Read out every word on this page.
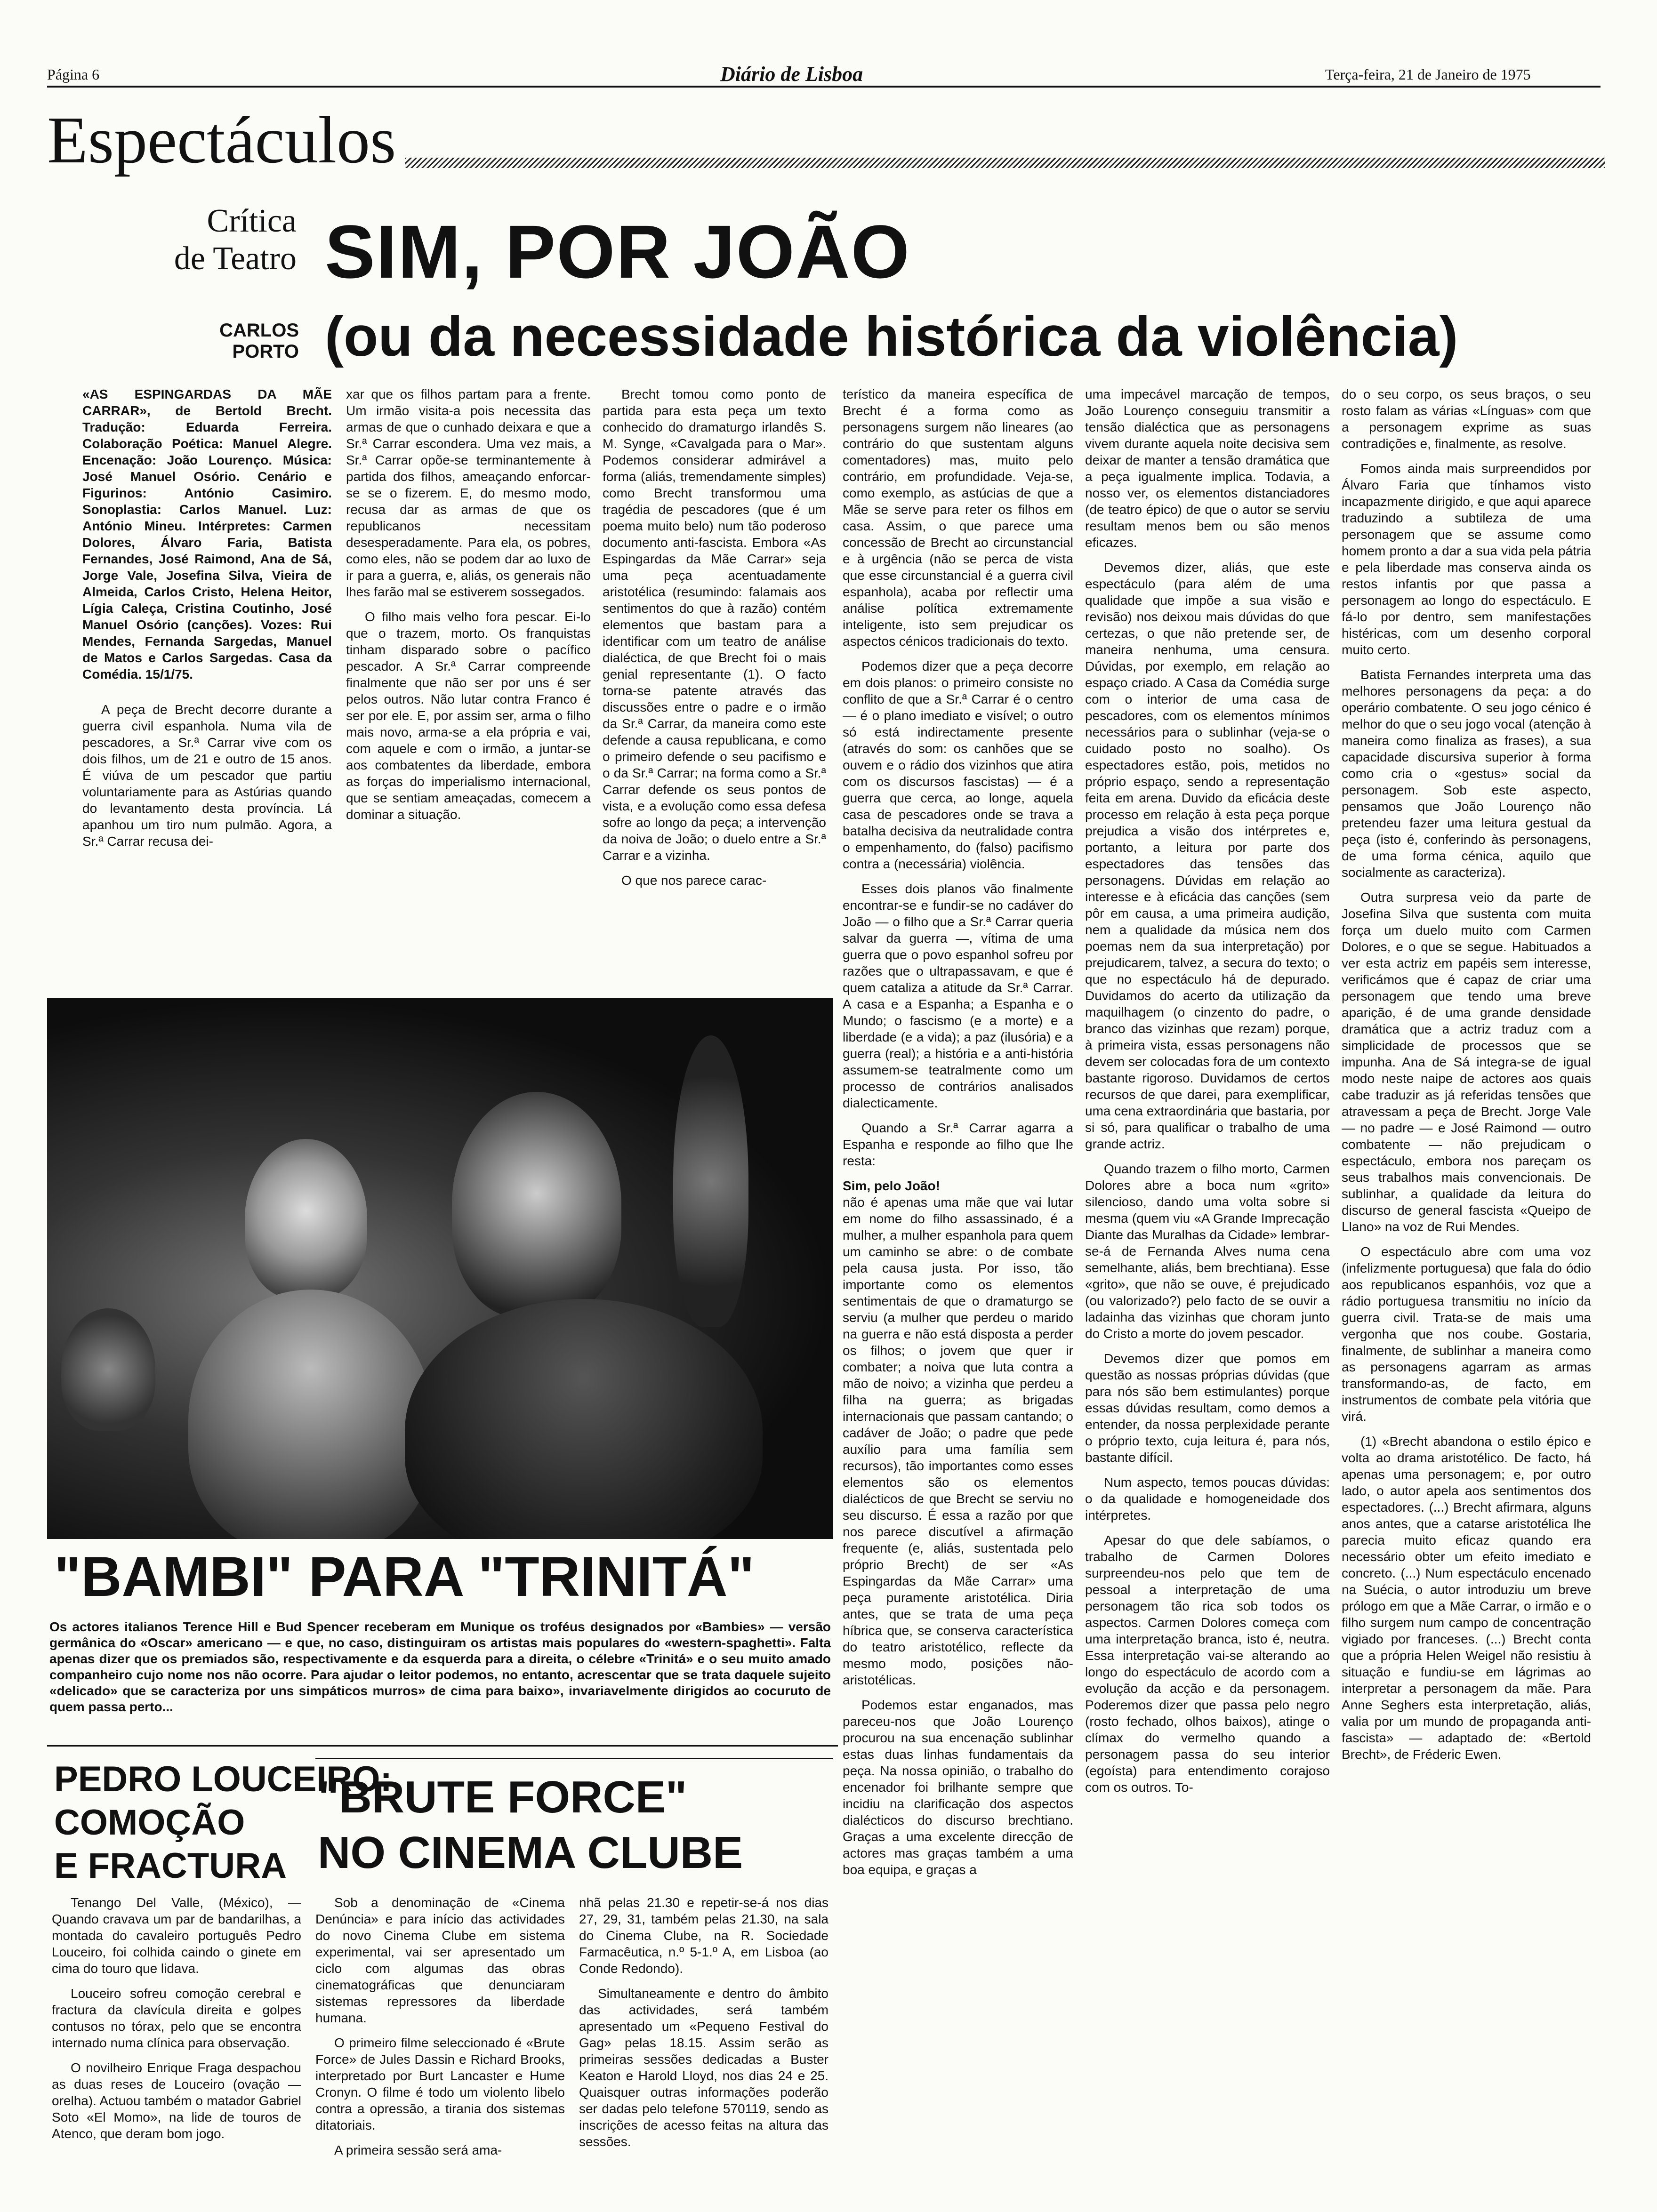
Página 6	Diário de Lisboa	Terça-feira, 21 de Janeiro de 1975
Espectáculos
Crítica
de Teatro
CARLOS PORTO
SIM, POR JOÃO
(ou da necessidade histórica da violência)

«AS ESPINGARDAS DA MÃE CARRAR», de Bertold Brecht. Tradução: Eduarda Ferreira. Colaboração Poética: Manuel Alegre. Encenação: João Lourenço. Música: José Manuel Osório. Cenário e Figurinos: António Casimiro. Sonoplastia: Carlos Manuel. Luz: António Mineu. Intérpretes: Carmen Dolores, Álvaro Faria, Batista Fernandes, José Raimond, Ana de Sá, Jorge Vale, Josefina Silva, Vieira de Almeida, Carlos Cristo, Helena Heitor, Lígia Caleça, Cristina Coutinho, José Manuel Osório (canções). Vozes: Rui Mendes, Fernanda Sargedas, Manuel de Matos e Carlos Sargedas. Casa da Comédia. 15/1/75.

A peça de Brecht decorre durante a guerra civil espanhola. Numa vila de pescadores, a Sr.ª Carrar vive com os dois filhos, um de 21 e outro de 15 anos. É viúva de um pescador que partiu voluntariamente para as Astúrias quando do levantamento desta província. Lá apanhou um tiro num pulmão. Agora, a Sr.ª Carrar recusa dei-

xar que os filhos partam para a frente. Um irmão visita-a pois necessita das armas de que o cunhado deixara e que a Sr.ª Carrar escondera. Uma vez mais, a Sr.ª Carrar opõe-se terminantemente à partida dos filhos, ameaçando enforcar-se se o fizerem. E, do mesmo modo, recusa dar as armas de que os republicanos necessitam desesperadamente. Para ela, os pobres, como eles, não se podem dar ao luxo de ir para a guerra, e, aliás, os generais não lhes farão mal se estiverem sossegados.

O filho mais velho fora pescar. Ei-lo que o trazem, morto. Os franquistas tinham disparado sobre o pacífico pescador. A Sr.ª Carrar compreende finalmente que não ser por uns é ser pelos outros. Não lutar contra Franco é ser por ele. E, por assim ser, arma o filho mais novo, arma-se a ela própria e vai, com aquele e com o irmão, a juntar-se aos combatentes da liberdade, embora as forças do imperialismo internacional, que se sentiam ameaçadas, comecem a dominar a situação.

Brecht tomou como ponto de partida para esta peça um texto conhecido do dramaturgo irlandês S. M. Synge, «Cavalgada para o Mar». Podemos considerar admirável a forma (aliás, tremendamente simples) como Brecht transformou uma tragédia de pescadores (que é um poema muito belo) num tão poderoso documento anti-fascista. Embora «As Espingardas da Mãe Carrar» seja uma peça acentuadamente aristotélica (resumindo: falamais aos sentimentos do que à razão) contém elementos que bastam para a identificar com um teatro de análise dialéctica, de que Brecht foi o mais genial representante (1). O facto torna-se patente através das discussões entre o padre e o irmão da Sr.ª Carrar, da maneira como este defende a causa republicana, e como o primeiro defende o seu pacifismo e o da Sr.ª Carrar; na forma como a Sr.ª Carrar defende os seus pontos de vista, e a evolução como essa defesa sofre ao longo da peça; a intervenção da noiva de João; o duelo entre a Sr.ª Carrar e a vizinha.

O que nos parece carac-

terístico da maneira específica de Brecht é a forma como as personagens surgem não lineares (ao contrário do que sustentam alguns comentadores) mas, muito pelo contrário, em profundidade. Veja-se, como exemplo, as astúcias de que a Mãe se serve para reter os filhos em casa. Assim, o que parece uma concessão de Brecht ao circunstancial e à urgência (não se perca de vista que esse circunstancial é a guerra civil espanhola), acaba por reflectir uma análise política extremamente inteligente, isto sem prejudicar os aspectos cénicos tradicionais do texto.

Podemos dizer que a peça decorre em dois planos: o primeiro consiste no conflito de que a Sr.ª Carrar é o centro — é o plano imediato e visível; o outro só está indirectamente presente (através do som: os canhões que se ouvem e o rádio dos vizinhos que atira com os discursos fascistas) — é a guerra que cerca, ao longe, aquela casa de pescadores onde se trava a batalha decisiva da neutralidade contra o empenhamento, do (falso) pacifismo contra a (necessária) violência.

Esses dois planos vão finalmente encontrar-se e fundir-se no cadáver do João — o filho que a Sr.ª Carrar queria salvar da guerra —, vítima de uma guerra que o povo espanhol sofreu por razões que o ultrapassavam, e que é quem cataliza a atitude da Sr.ª Carrar. A casa e a Espanha; a Espanha e o Mundo; o fascismo (e a morte) e a liberdade (e a vida); a paz (ilusória) e a guerra (real); a história e a anti-história assumem-se teatralmente como um processo de contrários analisados dialecticamente.

Quando a Sr.ª Carrar agarra a Espanha e responde ao filho que lhe resta:

Sim, pelo João!

não é apenas uma mãe que vai lutar em nome do filho assassinado, é a mulher, a mulher espanhola para quem um caminho se abre: o de combate pela causa justa. Por isso, tão importante como os elementos sentimentais de que o dramaturgo se serviu (a mulher que perdeu o marido na guerra e não está disposta a perder os filhos; o jovem que quer ir combater; a noiva que luta contra a mão de noivo; a vizinha que perdeu a filha na guerra; as brigadas internacionais que passam cantando; o cadáver de João; o padre que pede auxílio para uma família sem recursos), tão importantes como esses elementos são os elementos dialécticos de que Brecht se serviu no seu discurso. É essa a razão por que nos parece discutível a afirmação frequente (e, aliás, sustentada pelo próprio Brecht) de ser «As Espingardas da Mãe Carrar» uma peça puramente aristotélica. Diria antes, que se trata de uma peça híbrica que, se conserva característica do teatro aristotélico, reflecte da mesmo modo, posições não-aristotélicas.

Podemos estar enganados, mas pareceu-nos que João Lourenço procurou na sua encenação sublinhar estas duas linhas fundamentais da peça. Na nossa opinião, o trabalho do encenador foi brilhante sempre que incidiu na clarificação dos aspectos dialécticos do discurso brechtiano. Graças a uma excelente direcção de actores mas graças também a uma boa equipa, e graças a

uma impecável marcação de tempos, João Lourenço conseguiu transmitir a tensão dialéctica que as personagens vivem durante aquela noite decisiva sem deixar de manter a tensão dramática que a peça igualmente implica. Todavia, a nosso ver, os elementos distanciadores (de teatro épico) de que o autor se serviu resultam menos bem ou são menos eficazes.

Devemos dizer, aliás, que este espectáculo (para além de uma qualidade que impõe a sua visão e revisão) nos deixou mais dúvidas do que certezas, o que não pretende ser, de maneira nenhuma, uma censura. Dúvidas, por exemplo, em relação ao espaço criado. A Casa da Comédia surge com o interior de uma casa de pescadores, com os elementos mínimos necessários para o sublinhar (veja-se o cuidado posto no soalho). Os espectadores estão, pois, metidos no próprio espaço, sendo a representação feita em arena. Duvido da eficácia deste processo em relação à esta peça porque prejudica a visão dos intérpretes e, portanto, a leitura por parte dos espectadores das tensões das personagens. Dúvidas em relação ao interesse e à eficácia das canções (sem pôr em causa, a uma primeira audição, nem a qualidade da música nem dos poemas nem da sua interpretação) por prejudicarem, talvez, a secura do texto; o que no espectáculo há de depurado. Duvidamos do acerto da utilização da maquilhagem (o cinzento do padre, o branco das vizinhas que rezam) porque, à primeira vista, essas personagens não devem ser colocadas fora de um contexto bastante rigoroso. Duvidamos de certos recursos de que darei, para exemplificar, uma cena extraordinária que bastaria, por si só, para qualificar o trabalho de uma grande actriz.

Quando trazem o filho morto, Carmen Dolores abre a boca num «grito» silencioso, dando uma volta sobre si mesma (quem viu «A Grande Imprecação Diante das Muralhas da Cidade» lembrar-se-á de Fernanda Alves numa cena semelhante, aliás, bem brechtiana). Esse «grito», que não se ouve, é prejudicado (ou valorizado?) pelo facto de se ouvir a ladainha das vizinhas que choram junto do Cristo a morte do jovem pescador.

Devemos dizer que pomos em questão as nossas próprias dúvidas (que para nós são bem estimulantes) porque essas dúvidas resultam, como demos a entender, da nossa perplexidade perante o próprio texto, cuja leitura é, para nós, bastante difícil.

Num aspecto, temos poucas dúvidas: o da qualidade e homogeneidade dos intérpretes.

Apesar do que dele sabíamos, o trabalho de Carmen Dolores surpreendeu-nos pelo que tem de pessoal a interpretação de uma personagem tão rica sob todos os aspectos. Carmen Dolores começa com uma interpretação branca, isto é, neutra. Essa interpretação vai-se alterando ao longo do espectáculo de acordo com a evolução da acção e da personagem. Poderemos dizer que passa pelo negro (rosto fechado, olhos baixos), atinge o clímax do vermelho quando a personagem passa do seu interior (egoísta) para entendimento corajoso com os outros. To-

do o seu corpo, os seus braços, o seu rosto falam as várias «Línguas» com que a personagem exprime as suas contradições e, finalmente, as resolve.

Fomos ainda mais surpreendidos por Álvaro Faria que tínhamos visto incapazmente dirigido, e que aqui aparece traduzindo a subtileza de uma personagem que se assume como homem pronto a dar a sua vida pela pátria e pela liberdade mas conserva ainda os restos infantis por que passa a personagem ao longo do espectáculo. E fá-lo por dentro, sem manifestações histéricas, com um desenho corporal muito certo.

Batista Fernandes interpreta uma das melhores personagens da peça: a do operário combatente. O seu jogo cénico é melhor do que o seu jogo vocal (atenção à maneira como finaliza as frases), a sua capacidade discursiva superior à forma como cria o «gestus» social da personagem. Sob este aspecto, pensamos que João Lourenço não pretendeu fazer uma leitura gestual da peça (isto é, conferindo às personagens, de uma forma cénica, aquilo que socialmente as caracteriza).

Outra surpresa veio da parte de Josefina Silva que sustenta com muita força um duelo muito com Carmen Dolores, e o que se segue. Habituados a ver esta actriz em papéis sem interesse, verificámos que é capaz de criar uma personagem que tendo uma breve aparição, é de uma grande densidade dramática que a actriz traduz com a simplicidade de processos que se impunha. Ana de Sá integra-se de igual modo neste naipe de actores aos quais cabe traduzir as já referidas tensões que atravessam a peça de Brecht. Jorge Vale — no padre — e José Raimond — outro combatente — não prejudicam o espectáculo, embora nos pareçam os seus trabalhos mais convencionais. De sublinhar, a qualidade da leitura do discurso de general fascista «Queipo de Llano» na voz de Rui Mendes.

O espectáculo abre com uma voz (infelizmente portuguesa) que fala do ódio aos republicanos espanhóis, voz que a rádio portuguesa transmitiu no início da guerra civil. Trata-se de mais uma vergonha que nos coube. Gostaria, finalmente, de sublinhar a maneira como as personagens agarram as armas transformando-as, de facto, em instrumentos de combate pela vitória que virá.

(1) «Brecht abandona o estilo épico e volta ao drama aristotélico. De facto, há apenas uma personagem; e, por outro lado, o autor apela aos sentimentos dos espectadores. (...) Brecht afirmara, alguns anos antes, que a catarse aristotélica lhe parecia muito eficaz quando era necessário obter um efeito imediato e concreto. (...) Num espectáculo encenado na Suécia, o autor introduziu um breve prólogo em que a Mãe Carrar, o irmão e o filho surgem num campo de concentração vigiado por franceses. (...) Brecht conta que a própria Helen Weigel não resistiu à situação e fundiu-se em lágrimas ao interpretar a personagem da mãe. Para Anne Seghers esta interpretação, aliás, valia por um mundo de propaganda anti-fascista» — adaptado de: «Bertold Brecht», de Fréderic Ewen.

"BAMBI" PARA "TRINITÁ"
Os actores italianos Terence Hill e Bud Spencer receberam em Munique os troféus designados por «Bambies» — versão germânica do «Oscar» americano — e que, no caso, distinguiram os artistas mais populares do «western-spaghetti». Falta apenas dizer que os premiados são, respectivamente e da esquerda para a direita, o célebre «Trinitá» e o seu muito amado companheiro cujo nome nos não ocorre. Para ajudar o leitor podemos, no entanto, acrescentar que se trata daquele sujeito «delicado» que se caracteriza por uns simpáticos murros» de cima para baixo», invariavelmente dirigidos ao cocuruto de quem passa perto...
PEDRO LOUCEIRO:
COMOÇÃO
E FRACTURA

Tenango Del Valle, (México), — Quando cravava um par de bandarilhas, a montada do cavaleiro português Pedro Louceiro, foi colhida caindo o ginete em cima do touro que lidava.

Louceiro sofreu comoção cerebral e fractura da clavícula direita e golpes contusos no tórax, pelo que se encontra internado numa clínica para observação.

O novilheiro Enrique Fraga despachou as duas reses de Louceiro (ovação — orelha). Actuou também o matador Gabriel Soto «El Momo», na lide de touros de Atenco, que deram bom jogo.

"BRUTE FORCE"
NO CINEMA CLUBE

Sob a denominação de «Cinema Denúncia» e para início das actividades do novo Cinema Clube em sistema experimental, vai ser apresentado um ciclo com algumas das obras cinematográficas que denunciaram sistemas repressores da liberdade humana.

O primeiro filme seleccionado é «Brute Force» de Jules Dassin e Richard Brooks, interpretado por Burt Lancaster e Hume Cronyn. O filme é todo um violento libelo contra a opressão, a tirania dos sistemas ditatoriais.

A primeira sessão será ama-

nhã pelas 21.30 e repetir-se-á nos dias 27, 29, 31, também pelas 21.30, na sala do Cinema Clube, na R. Sociedade Farmacêutica, n.º 5-1.º A, em Lisboa (ao Conde Redondo).

Simultaneamente e dentro do âmbito das actividades, será também apresentado um «Pequeno Festival do Gag» pelas 18.15. Assim serão as primeiras sessões dedicadas a Buster Keaton e Harold Lloyd, nos dias 24 e 25. Quaisquer outras informações poderão ser dadas pelo telefone 570119, sendo as inscrições de acesso feitas na altura das sessões.
